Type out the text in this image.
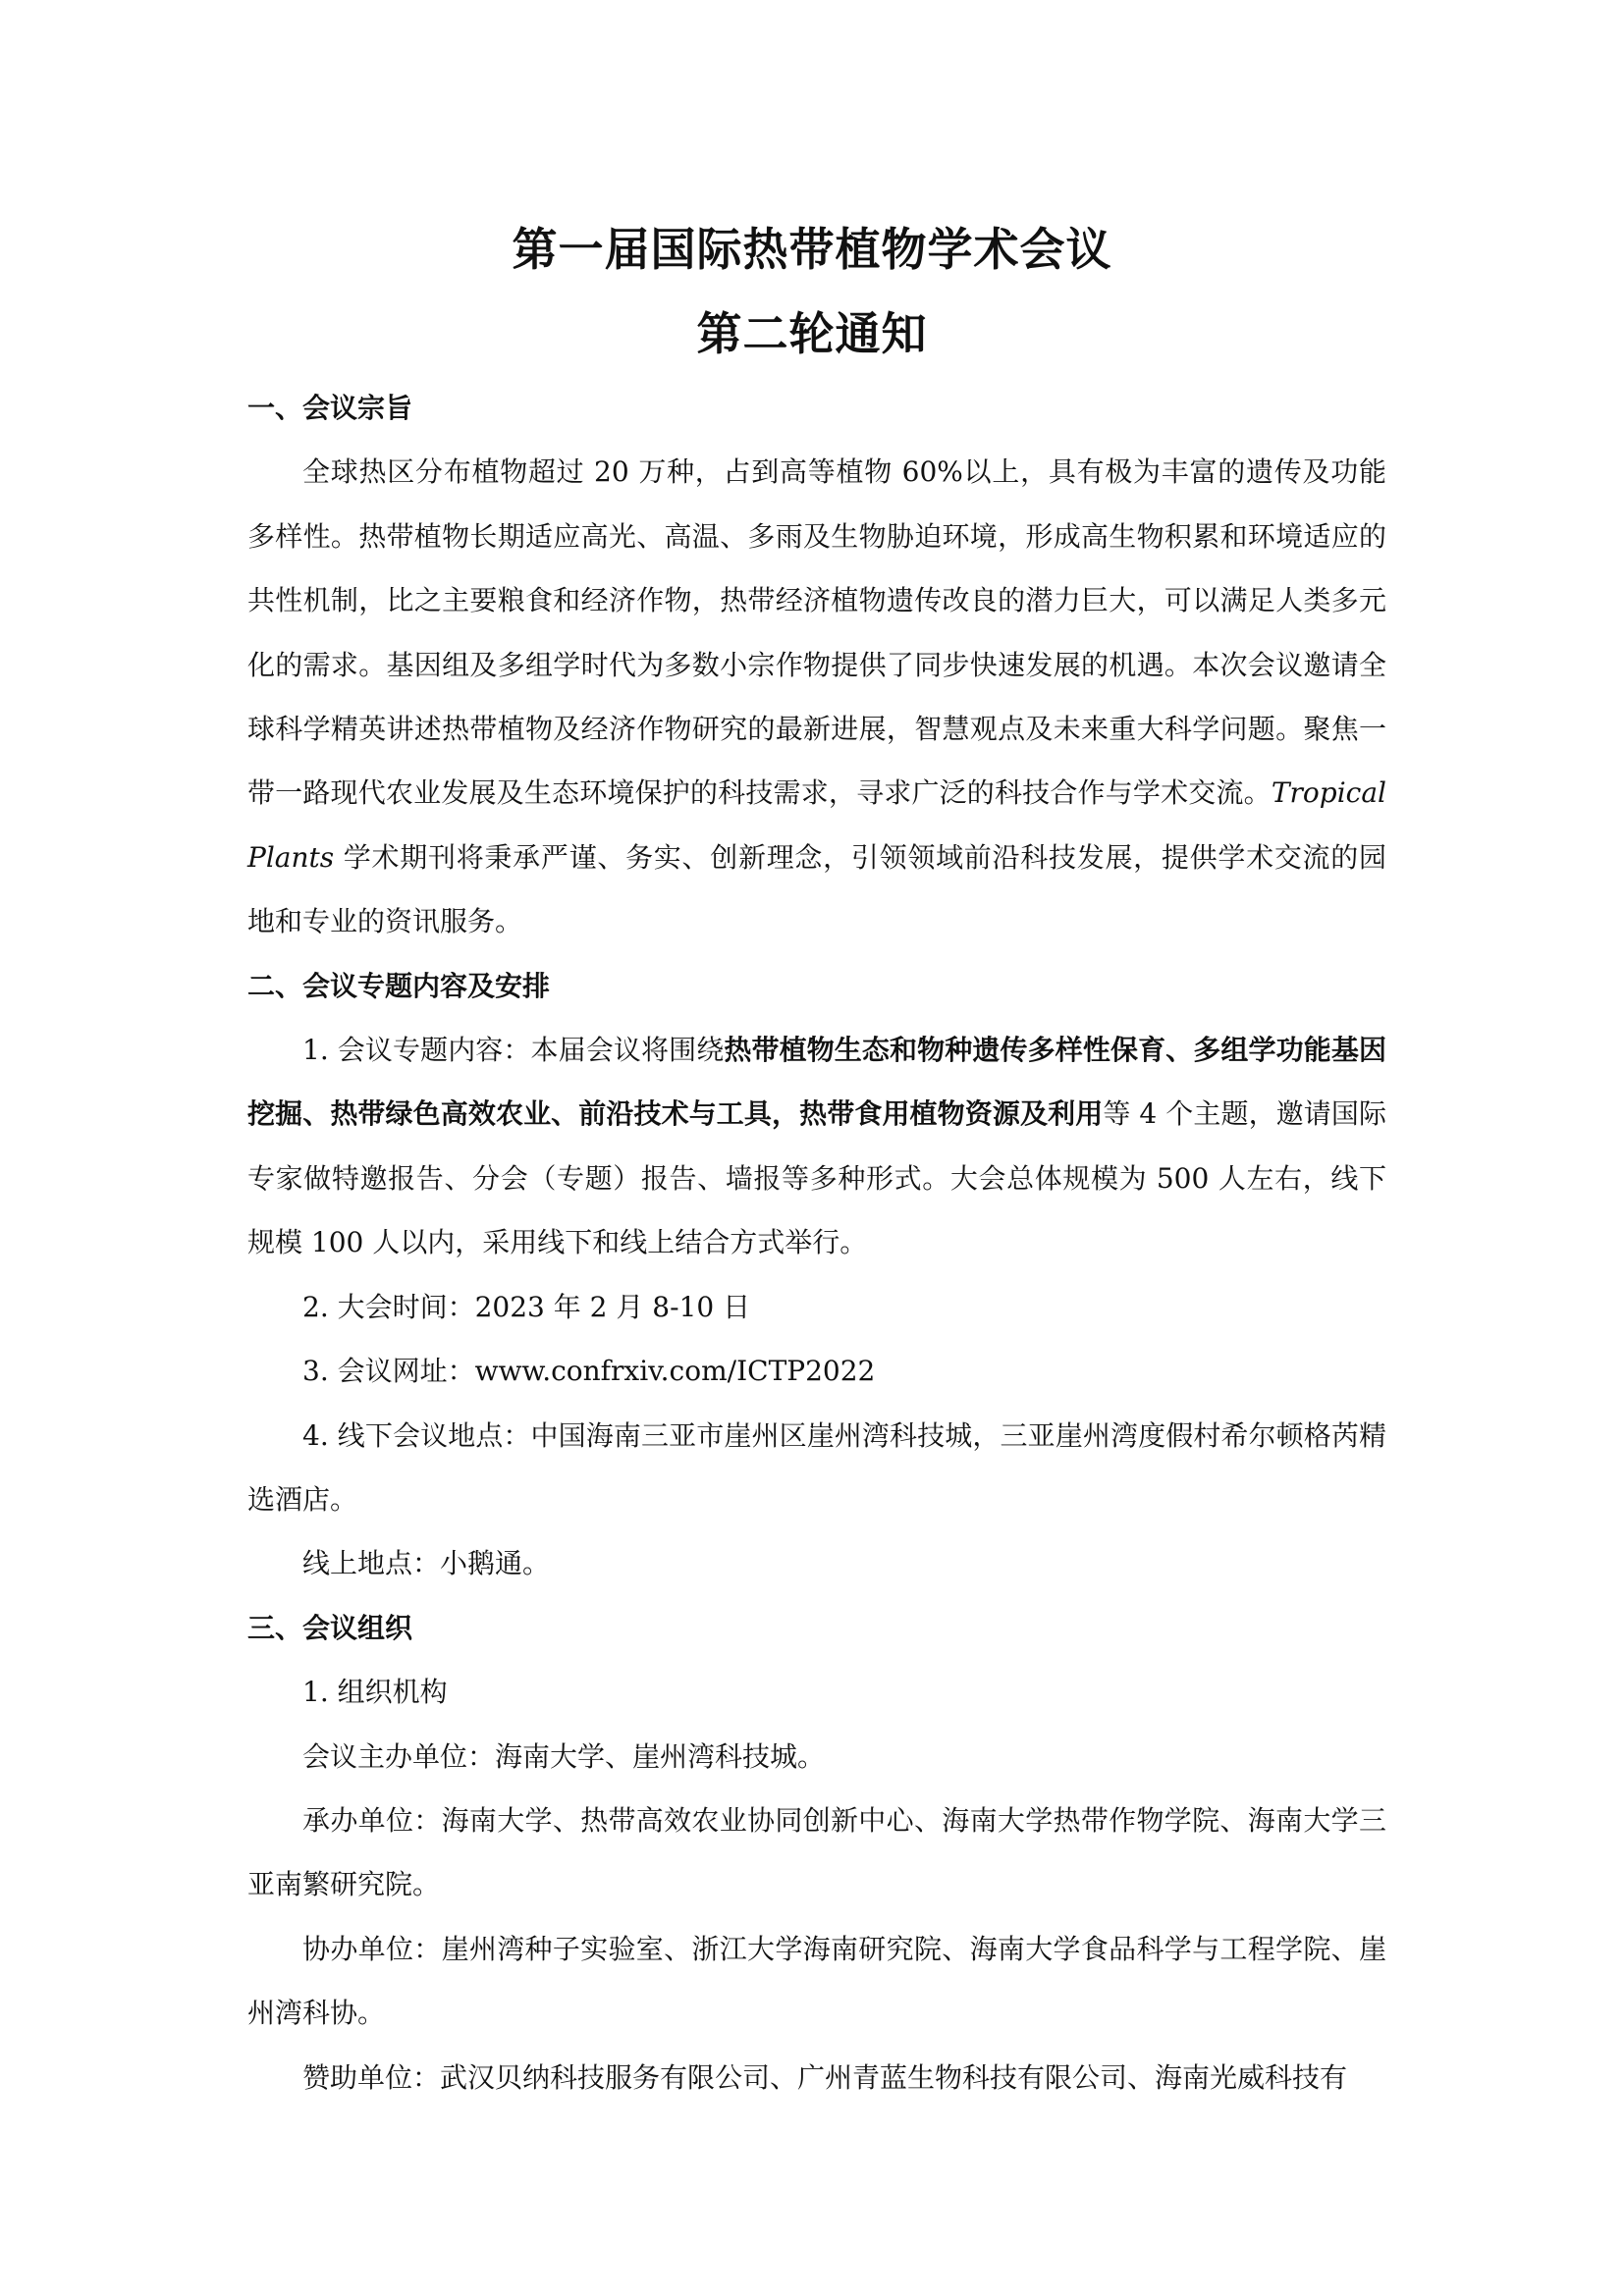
第一届国际热带植物学术会议
第二轮通知

一、会议宗旨

全球热区分布植物超过 20 万种，占到高等植物 60%以上，具有极为丰富的遗传及功能多样性。热带植物长期适应高光、高温、多雨及生物胁迫环境，形成高生物积累和环境适应的共性机制，比之主要粮食和经济作物，热带经济植物遗传改良的潜力巨大，可以满足人类多元化的需求。基因组及多组学时代为多数小宗作物提供了同步快速发展的机遇。本次会议邀请全球科学精英讲述热带植物及经济作物研究的最新进展，智慧观点及未来重大科学问题。聚焦一带一路现代农业发展及生态环境保护的科技需求，寻求广泛的科技合作与学术交流。Tropical Plants 学术期刊将秉承严谨、务实、创新理念，引领领域前沿科技发展，提供学术交流的园地和专业的资讯服务。

二、会议专题内容及安排

1. 会议专题内容：本届会议将围绕热带植物生态和物种遗传多样性保育、多组学功能基因挖掘、热带绿色高效农业、前沿技术与工具，热带食用植物资源及利用等 4 个主题，邀请国际专家做特邀报告、分会（专题）报告、墙报等多种形式。大会总体规模为 500 人左右，线下规模 100 人以内，采用线下和线上结合方式举行。

2. 大会时间：2023 年 2 月 8-10 日

3. 会议网址：www.confrxiv.com/ICTP2022

4. 线下会议地点：中国海南三亚市崖州区崖州湾科技城，三亚崖州湾度假村希尔顿格芮精选酒店。

线上地点：小鹅通。

三、会议组织

1. 组织机构

会议主办单位：海南大学、崖州湾科技城。

承办单位：海南大学、热带高效农业协同创新中心、海南大学热带作物学院、海南大学三亚南繁研究院。

协办单位：崖州湾种子实验室、浙江大学海南研究院、海南大学食品科学与工程学院、崖州湾科协。

赞助单位：武汉贝纳科技服务有限公司、广州青蓝生物科技有限公司、海南光威科技有
